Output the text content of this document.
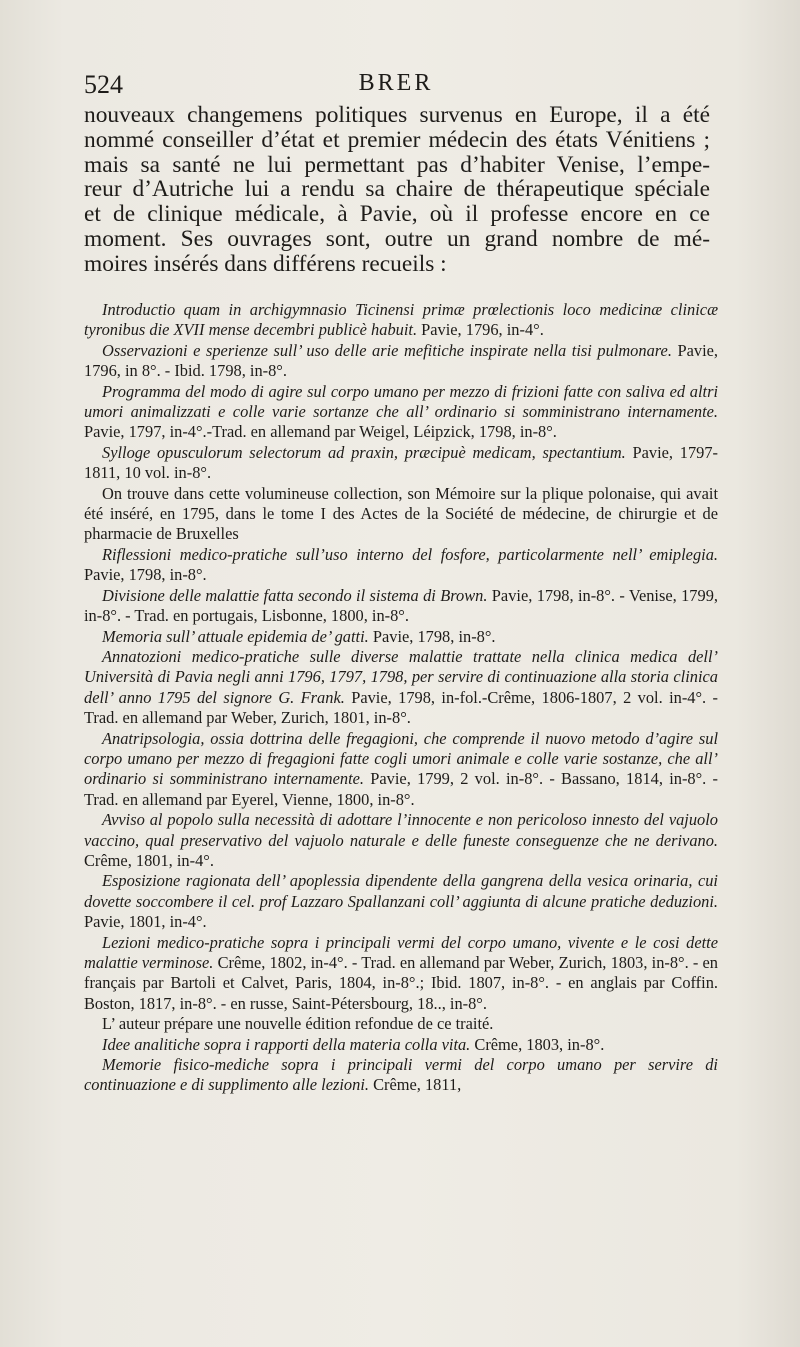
524	BRER
nouveaux changemens politiques survenus en Europe, il a été
nommé conseiller d’état et premier médecin des états Vénitiens ;
mais sa santé ne lui permettant pas d’habiter Venise, l’empe-
reur d’Autriche lui a rendu sa chaire de thérapeutique spéciale
et de clinique médicale, à Pavie, où il professe encore en ce
moment. Ses ouvrages sont, outre un grand nombre de mé-
moires insérés dans différens recueils :

Introductio quam in archigymnasio Ticinensi primæ prœlectionis loco medicinæ clinicæ tyronibus die XVII mense decembri publicè habuit. Pavie, 1796, in-4°.

Osservazioni e sperienze sull’ uso delle arie mefitiche inspirate nella tisi pulmonare. Pavie, 1796, in 8°. - Ibid. 1798, in-8°.

Programma del modo di agire sul corpo umano per mezzo di frizioni fatte con saliva ed altri umori animalizzati e colle varie sortanze che all’ ordinario si somministrano internamente. Pavie, 1797, in-4°.-Trad. en allemand par Weigel, Léipzick, 1798, in-8°.

Sylloge opusculorum selectorum ad praxin, præcipuè medicam, spectantium. Pavie, 1797-1811, 10 vol. in-8°.

On trouve dans cette volumineuse collection, son Mémoire sur la plique polonaise, qui avait été inséré, en 1795, dans le tome I des Actes de la Société de médecine, de chirurgie et de pharmacie de Bruxelles

Riflessioni medico-pratiche sull’uso interno del fosfore, particolarmente nell’ emiplegia. Pavie, 1798, in-8°.

Divisione delle malattie fatta secondo il sistema di Brown. Pavie, 1798, in-8°. - Venise, 1799, in-8°. - Trad. en portugais, Lisbonne, 1800, in-8°.

Memoria sull’ attuale epidemia de’ gatti. Pavie, 1798, in-8°.

Annatozioni medico-pratiche sulle diverse malattie trattate nella clinica medica dell’ Università di Pavia negli anni 1796, 1797, 1798, per servire di continuazione alla storia clinica dell’ anno 1795 del signore G. Frank. Pavie, 1798, in-fol.-Crême, 1806-1807, 2 vol. in-4°. -Trad. en allemand par Weber, Zurich, 1801, in-8°.

Anatripsologia, ossia dottrina delle fregagioni, che comprende il nuovo metodo d’agire sul corpo umano per mezzo di fregagioni fatte cogli umori animale e colle varie sostanze, che all’ ordinario si somministrano internamente. Pavie, 1799, 2 vol. in-8°. - Bassano, 1814, in-8°. -Trad. en allemand par Eyerel, Vienne, 1800, in-8°.

Avviso al popolo sulla necessità di adottare l’innocente e non pericoloso innesto del vajuolo vaccino, qual preservativo del vajuolo naturale e delle funeste conseguenze che ne derivano. Crême, 1801, in-4°.

Esposizione ragionata dell’ apoplessia dipendente della gangrena della vesica orinaria, cui dovette soccombere il cel. prof Lazzaro Spallanzani coll’ aggiunta di alcune pratiche deduzioni. Pavie, 1801, in-4°.

Lezioni medico-pratiche sopra i principali vermi del corpo umano, vivente e le cosi dette malattie verminose. Crême, 1802, in-4°. - Trad. en allemand par Weber, Zurich, 1803, in-8°. - en français par Bartoli et Calvet, Paris, 1804, in-8°.; Ibid. 1807, in-8°. - en anglais par Coffin. Boston, 1817, in-8°. - en russe, Saint-Pétersbourg, 18.., in-8°.

L’ auteur prépare une nouvelle édition refondue de ce traité.

Idee analitiche sopra i rapporti della materia colla vita. Crême, 1803, in-8°.

Memorie fisico-mediche sopra i principali vermi del corpo umano per servire di continuazione e di supplimento alle lezioni. Crême, 1811,
